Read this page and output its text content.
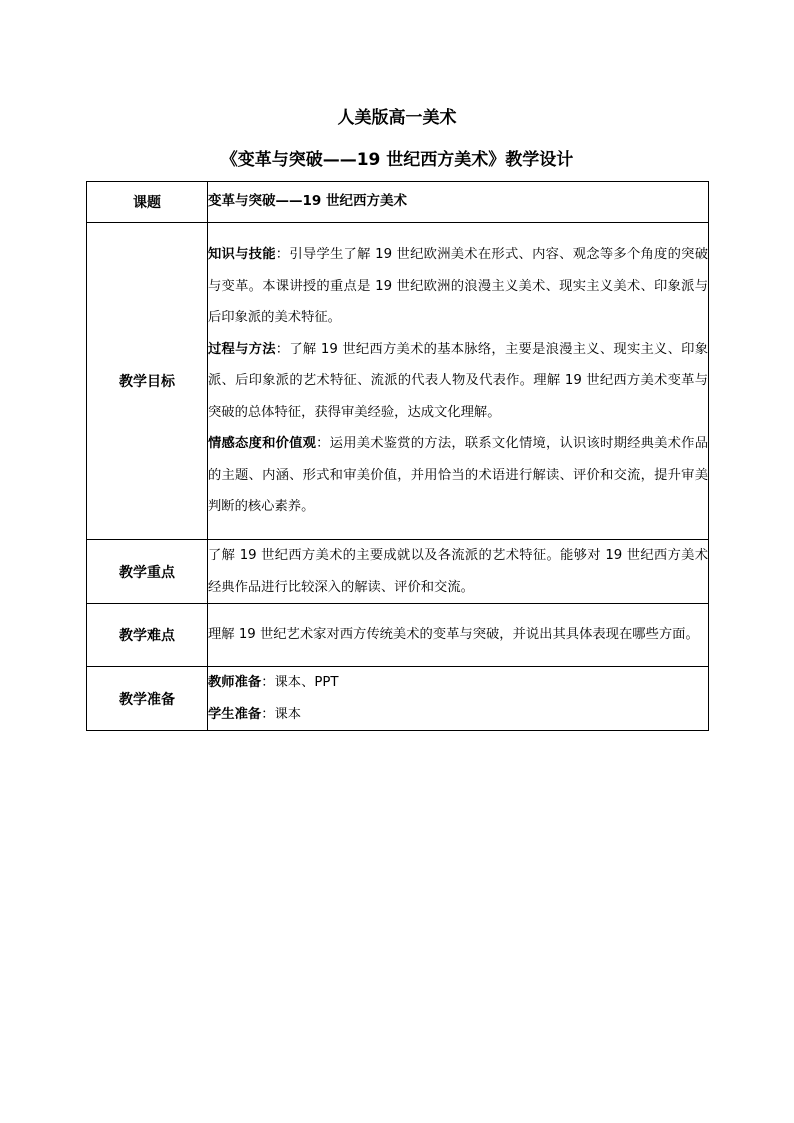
人美版高一美术
《变革与突破——19 世纪西方美术》教学设计
课题	变革与突破——19 世纪西方美术
教学目标	知识与技能：引导学生了解 19 世纪欧洲美术在形式、内容、观念等多个角度的突破与变革。本课讲授的重点是 19 世纪欧洲的浪漫主义美术、现实主义美术、印象派与后印象派的美术特征。
过程与方法：了解 19 世纪西方美术的基本脉络，主要是浪漫主义、现实主义、印象派、后印象派的艺术特征、流派的代表人物及代表作。理解 19 世纪西方美术变革与突破的总体特征，获得审美经验，达成文化理解。
情感态度和价值观：运用美术鉴赏的方法，联系文化情境，认识该时期经典美术作品的主题、内涵、形式和审美价值，并用恰当的术语进行解读、评价和交流，提升审美判断的核心素养。

教学重点	了解 19 世纪西方美术的主要成就以及各流派的艺术特征。能够对 19 世纪西方美术经典作品进行比较深入的解读、评价和交流。
教学难点	理解 19 世纪艺术家对西方传统美术的变革与突破，并说出其具体表现在哪些方面。
教学准备	教师准备：课本、PPT
学生准备：课本
